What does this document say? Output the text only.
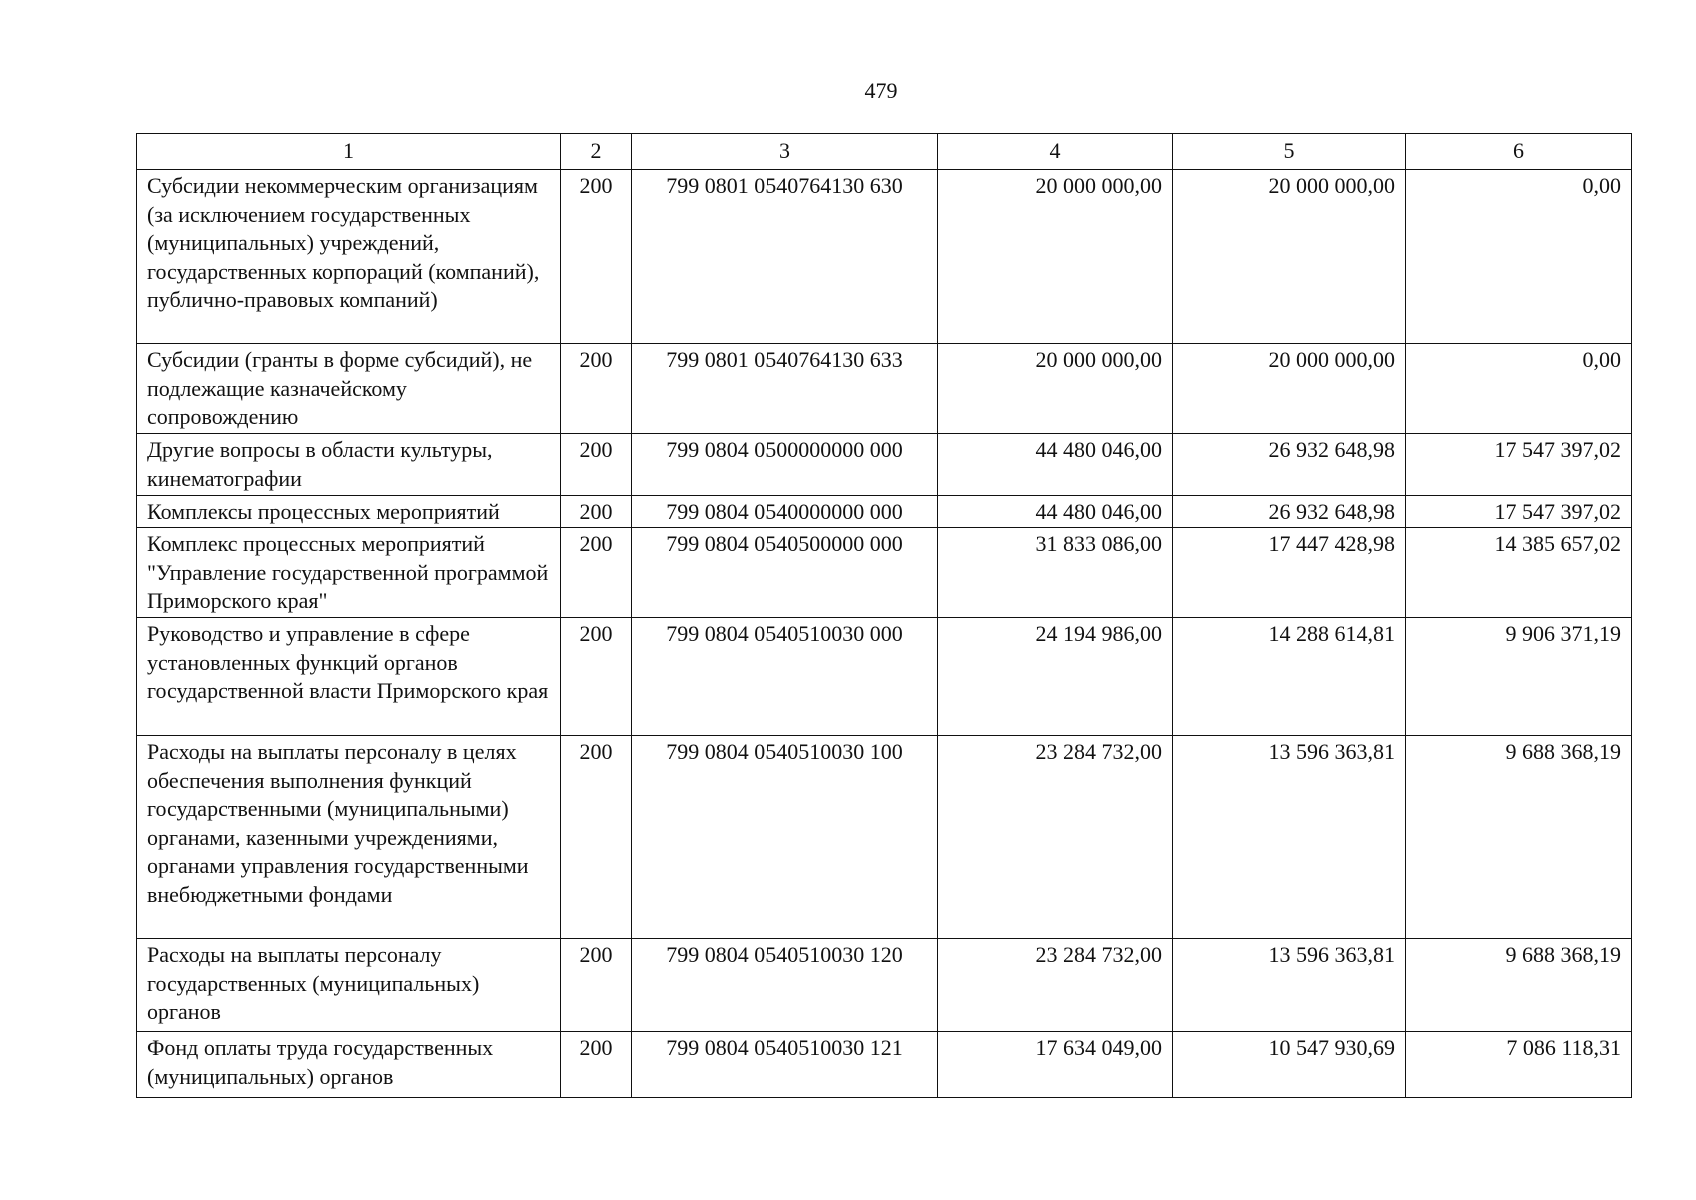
479
1	2	3	4	5	6
Субсидии некоммерческим организациям (за исключением государственных (муниципальных) учреждений, государственных корпораций (компаний), публично-правовых компаний)	200	799 0801 0540764130 630	20 000 000,00	20 000 000,00	0,00
Субсидии (гранты в форме субсидий), не подлежащие казначейскому сопровождению	200	799 0801 0540764130 633	20 000 000,00	20 000 000,00	0,00
Другие вопросы в области культуры, кинематографии	200	799 0804 0500000000 000	44 480 046,00	26 932 648,98	17 547 397,02
Комплексы процессных мероприятий	200	799 0804 0540000000 000	44 480 046,00	26 932 648,98	17 547 397,02
Комплекс процессных мероприятий "Управление государственной программой Приморского края"	200	799 0804 0540500000 000	31 833 086,00	17 447 428,98	14 385 657,02
Руководство и управление в сфере установленных функций органов государственной власти Приморского края	200	799 0804 0540510030 000	24 194 986,00	14 288 614,81	9 906 371,19
Расходы на выплаты персоналу в целях обеспечения выполнения функций государственными (муниципальными) органами, казенными учреждениями, органами управления государственными внебюджетными фондами	200	799 0804 0540510030 100	23 284 732,00	13 596 363,81	9 688 368,19
Расходы на выплаты персоналу государственных (муниципальных) органов	200	799 0804 0540510030 120	23 284 732,00	13 596 363,81	9 688 368,19
Фонд оплаты труда государственных (муниципальных) органов	200	799 0804 0540510030 121	17 634 049,00	10 547 930,69	7 086 118,31
